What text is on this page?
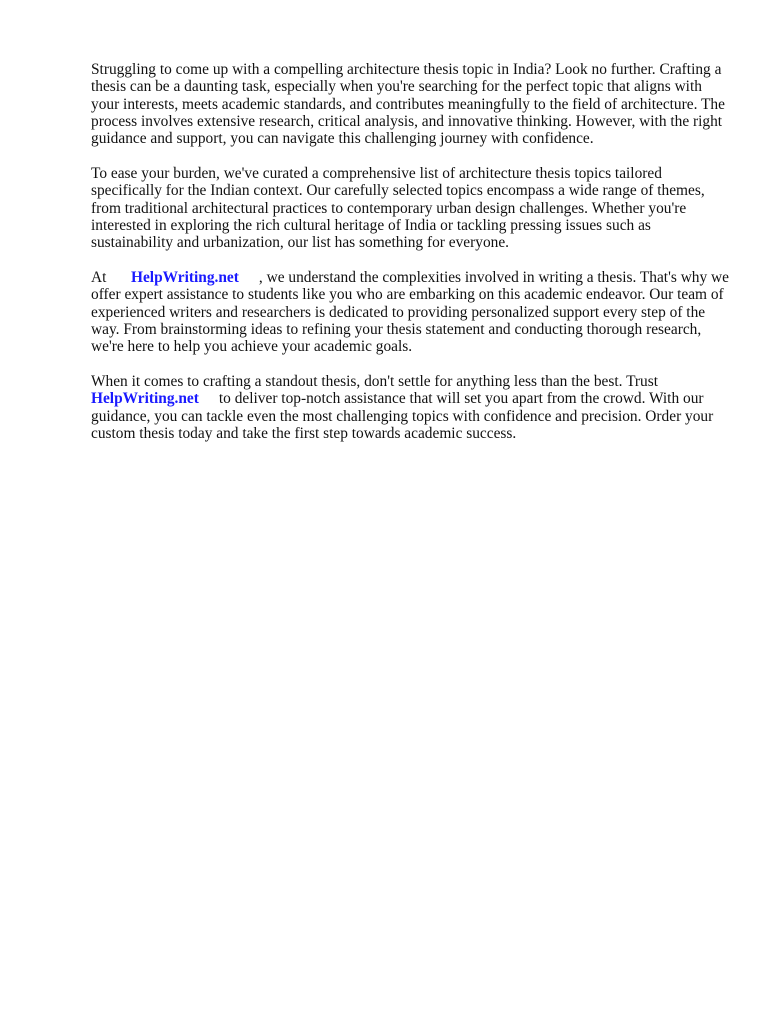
Struggling to come up with a compelling architecture thesis topic in India? Look no further. Crafting a thesis can be a daunting task, especially when you're searching for the perfect topic that aligns with your interests, meets academic standards, and contributes meaningfully to the field of architecture. The process involves extensive research, critical analysis, and innovative thinking. However, with the right guidance and support, you can navigate this challenging journey with confidence.

To ease your burden, we've curated a comprehensive list of architecture thesis topics tailored specifically for the Indian context. Our carefully selected topics encompass a wide range of themes, from traditional architectural practices to contemporary urban design challenges. Whether you're interested in exploring the rich cultural heritage of India or tackling pressing issues such as sustainability and urbanization, our list has something for everyone.

At HelpWriting.net , we understand the complexities involved in writing a thesis. That's why we offer expert assistance to students like you who are embarking on this academic endeavor. Our team of experienced writers and researchers is dedicated to providing personalized support every step of the way. From brainstorming ideas to refining your thesis statement and conducting thorough research, we're here to help you achieve your academic goals.

When it comes to crafting a standout thesis, don't settle for anything less than the best. Trust HelpWriting.net to deliver top-notch assistance that will set you apart from the crowd. With our guidance, you can tackle even the most challenging topics with confidence and precision. Order your custom thesis today and take the first step towards academic success.
